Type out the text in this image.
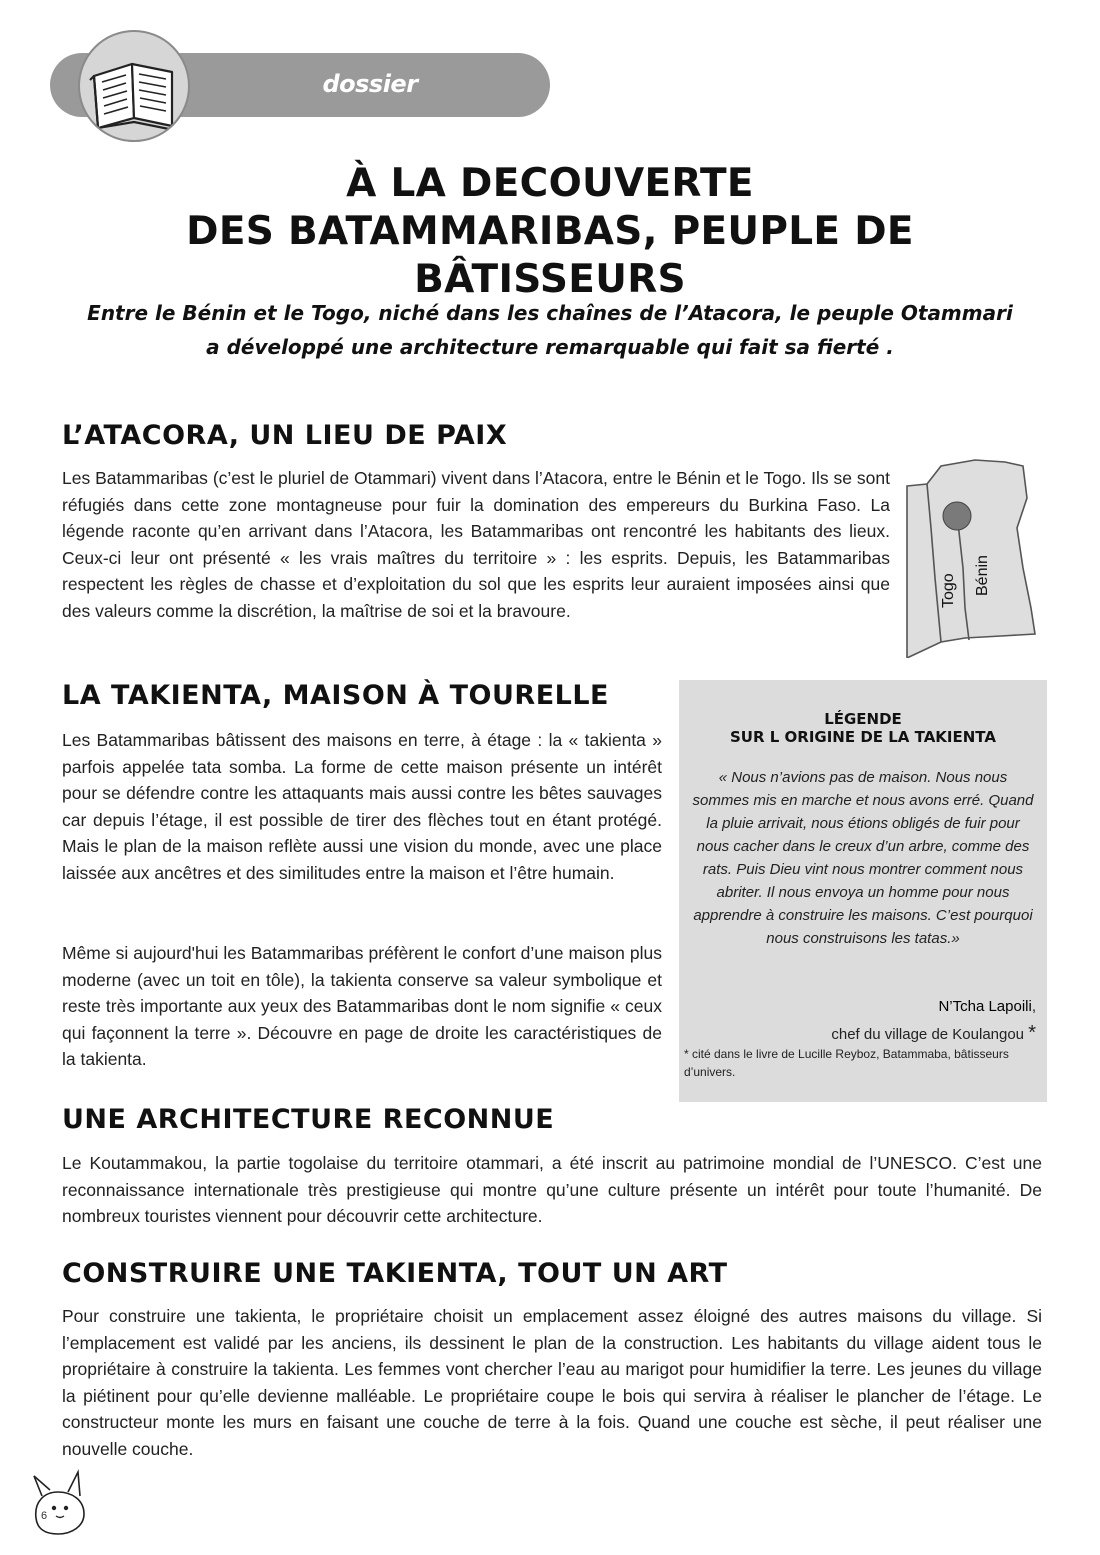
dossier
À LA DECOUVERTE
DES BATAMMARIBAS, PEUPLE DE BÂTISSEURS
Entre le Bénin et le Togo, niché dans les chaînes de l’Atacora, le peuple Otammari
a développé une architecture remarquable qui fait sa fierté .
L’ATACORA, UN LIEU DE PAIX

Les Batammaribas (c’est le pluriel de Otammari) vivent dans l’Atacora, entre le Bénin et le Togo. Ils se sont réfugiés dans cette zone montagneuse pour fuir la domination des empereurs du Burkina Faso. La légende raconte qu’en arrivant dans l’Atacora, les Batammaribas ont rencontré les habitants des lieux. Ceux-ci leur ont présenté « les vrais maîtres du territoire » : les esprits. Depuis, les Batammaribas respectent les règles de chasse et d’exploitation du sol que les esprits leur auraient imposées ainsi que des valeurs comme la discrétion, la maîtrise de soi et la bravoure.

Togo Bénin
LA TAKIENTA, MAISON À TOURELLE

Les Batammaribas bâtissent des maisons en terre, à étage : la « takienta » parfois appelée tata somba. La forme de cette maison présente un intérêt pour se défendre contre les attaquants mais aussi contre les bêtes sauvages car depuis l’étage, il est possible de tirer des flèches tout en étant protégé. Mais le plan de la maison reflète aussi une vision du monde, avec une place laissée aux ancêtres et des similitudes entre la maison et l’être humain.

Même si aujourd'hui les Batammaribas préfèrent le confort d’une maison plus moderne (avec un toit en tôle), la takienta conserve sa valeur symbolique et reste très importante aux yeux des Batammaribas dont le nom signifie « ceux qui façonnent la terre ». Découvre en page de droite les caractéristiques de la takienta.

LÉGENDE
SUR L ORIGINE DE LA TAKIENTA
« Nous n’avions pas de maison. Nous nous sommes mis en marche et nous avons erré. Quand la pluie arrivait, nous étions obligés de fuir pour nous cacher dans le creux d’un arbre, comme des rats. Puis Dieu vint nous montrer comment nous abriter. Il nous envoya un homme pour nous apprendre à construire les maisons. C’est pourquoi nous construisons les tatas.»
N’Tcha Lapoili,
chef du village de Koulangou *
* cité dans le livre de Lucille Reyboz, Batammaba, bâtisseurs d’univers.
UNE ARCHITECTURE RECONNUE

Le Koutammakou, la partie togolaise du territoire otammari, a été inscrit au patrimoine mondial de l’UNESCO. C’est une reconnaissance internationale très prestigieuse qui montre qu’une culture présente un intérêt pour toute l’humanité. De nombreux touristes viennent pour découvrir cette architecture.

CONSTRUIRE UNE TAKIENTA, TOUT UN ART

Pour construire une takienta, le propriétaire choisit un emplacement assez éloigné des autres maisons du village. Si l’emplacement est validé par les anciens, ils dessinent le plan de la construction. Les habitants du village aident tous le propriétaire à construire la takienta. Les femmes vont chercher l’eau au marigot pour humidifier la terre. Les jeunes du village la piétinent pour qu’elle devienne malléable. Le propriétaire coupe le bois qui servira à réaliser le plancher de l’étage. Le constructeur monte les murs en faisant une couche de terre à la fois. Quand une couche est sèche, il peut réaliser une nouvelle couche.

6
